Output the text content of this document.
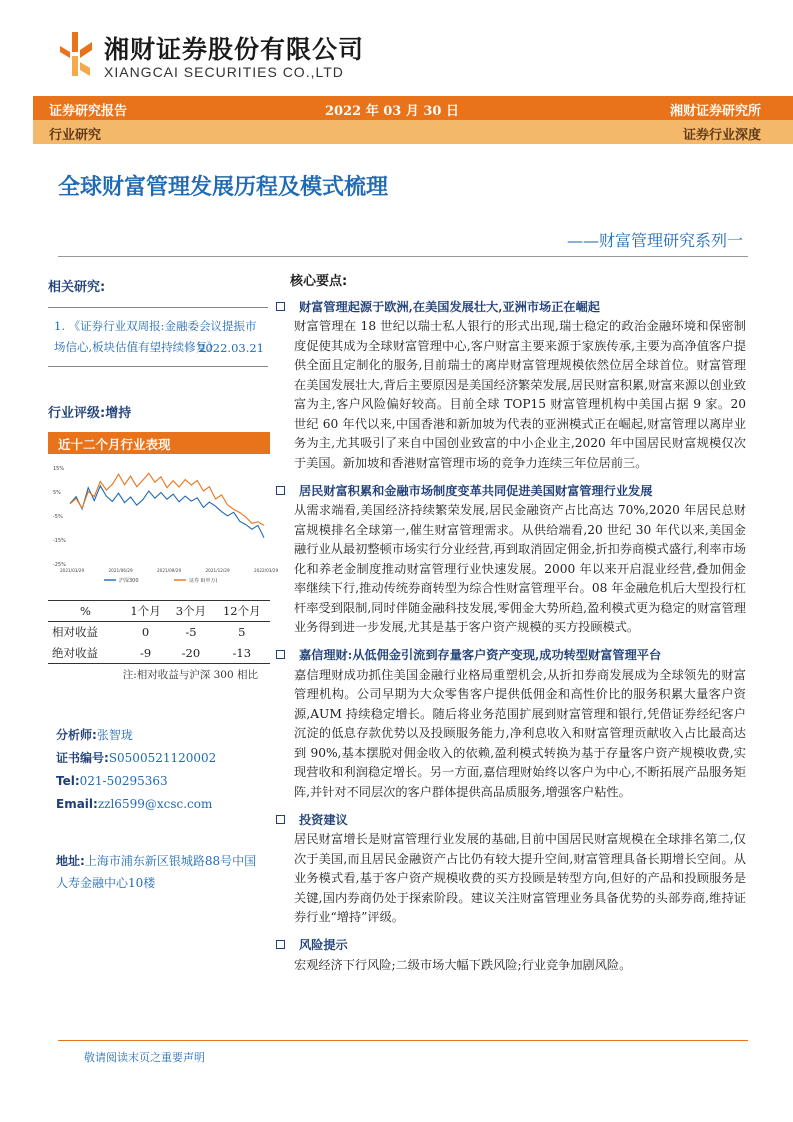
湘财证券股份有限公司
XIANGCAI SECURITIES CO.,LTD
证券研究报告	2022 年 03 月 30 日	湘财证券研究所
行业研究	证券行业深度
全球财富管理发展历程及模式梳理
——财富管理研究系列一
相关研究:
1. 《证券行业双周报:金融委会议提振市场信心,板块估值有望持续修复》
2022.03.21
行业评级:增持
近十二个月行业表现
15%
5%
-5%
-15%
-25%
2021/03/29	2021/06/29	2021/09/29	2021/12/29	2022/03/29
沪深300	证券 II(申万)
%	1个月	3个月	12个月
相对收益	0	-5	5
绝对收益	-9	-20	-13
注:相对收益与沪深 300 相比
分析师:张智珑
证书编号:S0500521120002
Tel:021-50295363
Email:zzl6599@xcsc.com
地址:上海市浦东新区银城路88号中国人寿金融中心10楼
核心要点:
财富管理起源于欧洲,在美国发展壮大,亚洲市场正在崛起
财富管理在 18 世纪以瑞士私人银行的形式出现,瑞士稳定的政治金融环境和保密制度促使其成为全球财富管理中心,客户财富主要来源于家族传承,主要为高净值客户提供全面且定制化的服务,目前瑞士的离岸财富管理规模依然位居全球首位。财富管理在美国发展壮大,背后主要原因是美国经济繁荣发展,居民财富积累,财富来源以创业致富为主,客户风险偏好较高。目前全球 TOP15 财富管理机构中美国占据 9 家。20 世纪 60 年代以来,中国香港和新加坡为代表的亚洲模式正在崛起,财富管理以离岸业务为主,尤其吸引了来自中国创业致富的中小企业主,2020 年中国居民财富规模仅次于美国。新加坡和香港财富管理市场的竞争力连续三年位居前三。
居民财富积累和金融市场制度变革共同促进美国财富管理行业发展
从需求端看,美国经济持续繁荣发展,居民金融资产占比高达 70%,2020 年居民总财富规模排名全球第一,催生财富管理需求。从供给端看,20 世纪 30 年代以来,美国金融行业从最初整顿市场实行分业经营,再到取消固定佣金,折扣券商模式盛行,利率市场化和养老金制度推动财富管理行业快速发展。2000 年以来开启混业经营,叠加佣金率继续下行,推动传统券商转型为综合性财富管理平台。08 年金融危机后大型投行杠杆率受到限制,同时伴随金融科技发展,零佣金大势所趋,盈利模式更为稳定的财富管理业务得到进一步发展,尤其是基于客户资产规模的买方投顾模式。
嘉信理财:从低佣金引流到存量客户资产变现,成功转型财富管理平台
嘉信理财成功抓住美国金融行业格局重塑机会,从折扣券商发展成为全球领先的财富管理机构。公司早期为大众零售客户提供低佣金和高性价比的服务积累大量客户资源,AUM 持续稳定增长。随后将业务范围扩展到财富管理和银行,凭借证券经纪客户沉淀的低息存款优势以及投顾服务能力,净利息收入和财富管理贡献收入占比最高达到 90%,基本摆脱对佣金收入的依赖,盈利模式转换为基于存量客户资产规模收费,实现营收和利润稳定增长。另一方面,嘉信理财始终以客户为中心,不断拓展产品服务矩阵,并针对不同层次的客户群体提供高品质服务,增强客户粘性。
投资建议
居民财富增长是财富管理行业发展的基础,目前中国居民财富规模在全球排名第二,仅次于美国,而且居民金融资产占比仍有较大提升空间,财富管理具备长期增长空间。从业务模式看,基于客户资产规模收费的买方投顾是转型方向,但好的产品和投顾服务是关键,国内券商仍处于探索阶段。建议关注财富管理业务具备优势的头部券商,维持证券行业“增持”评级。
风险提示
宏观经济下行风险;二级市场大幅下跌风险;行业竞争加剧风险。
敬请阅读末页之重要声明
